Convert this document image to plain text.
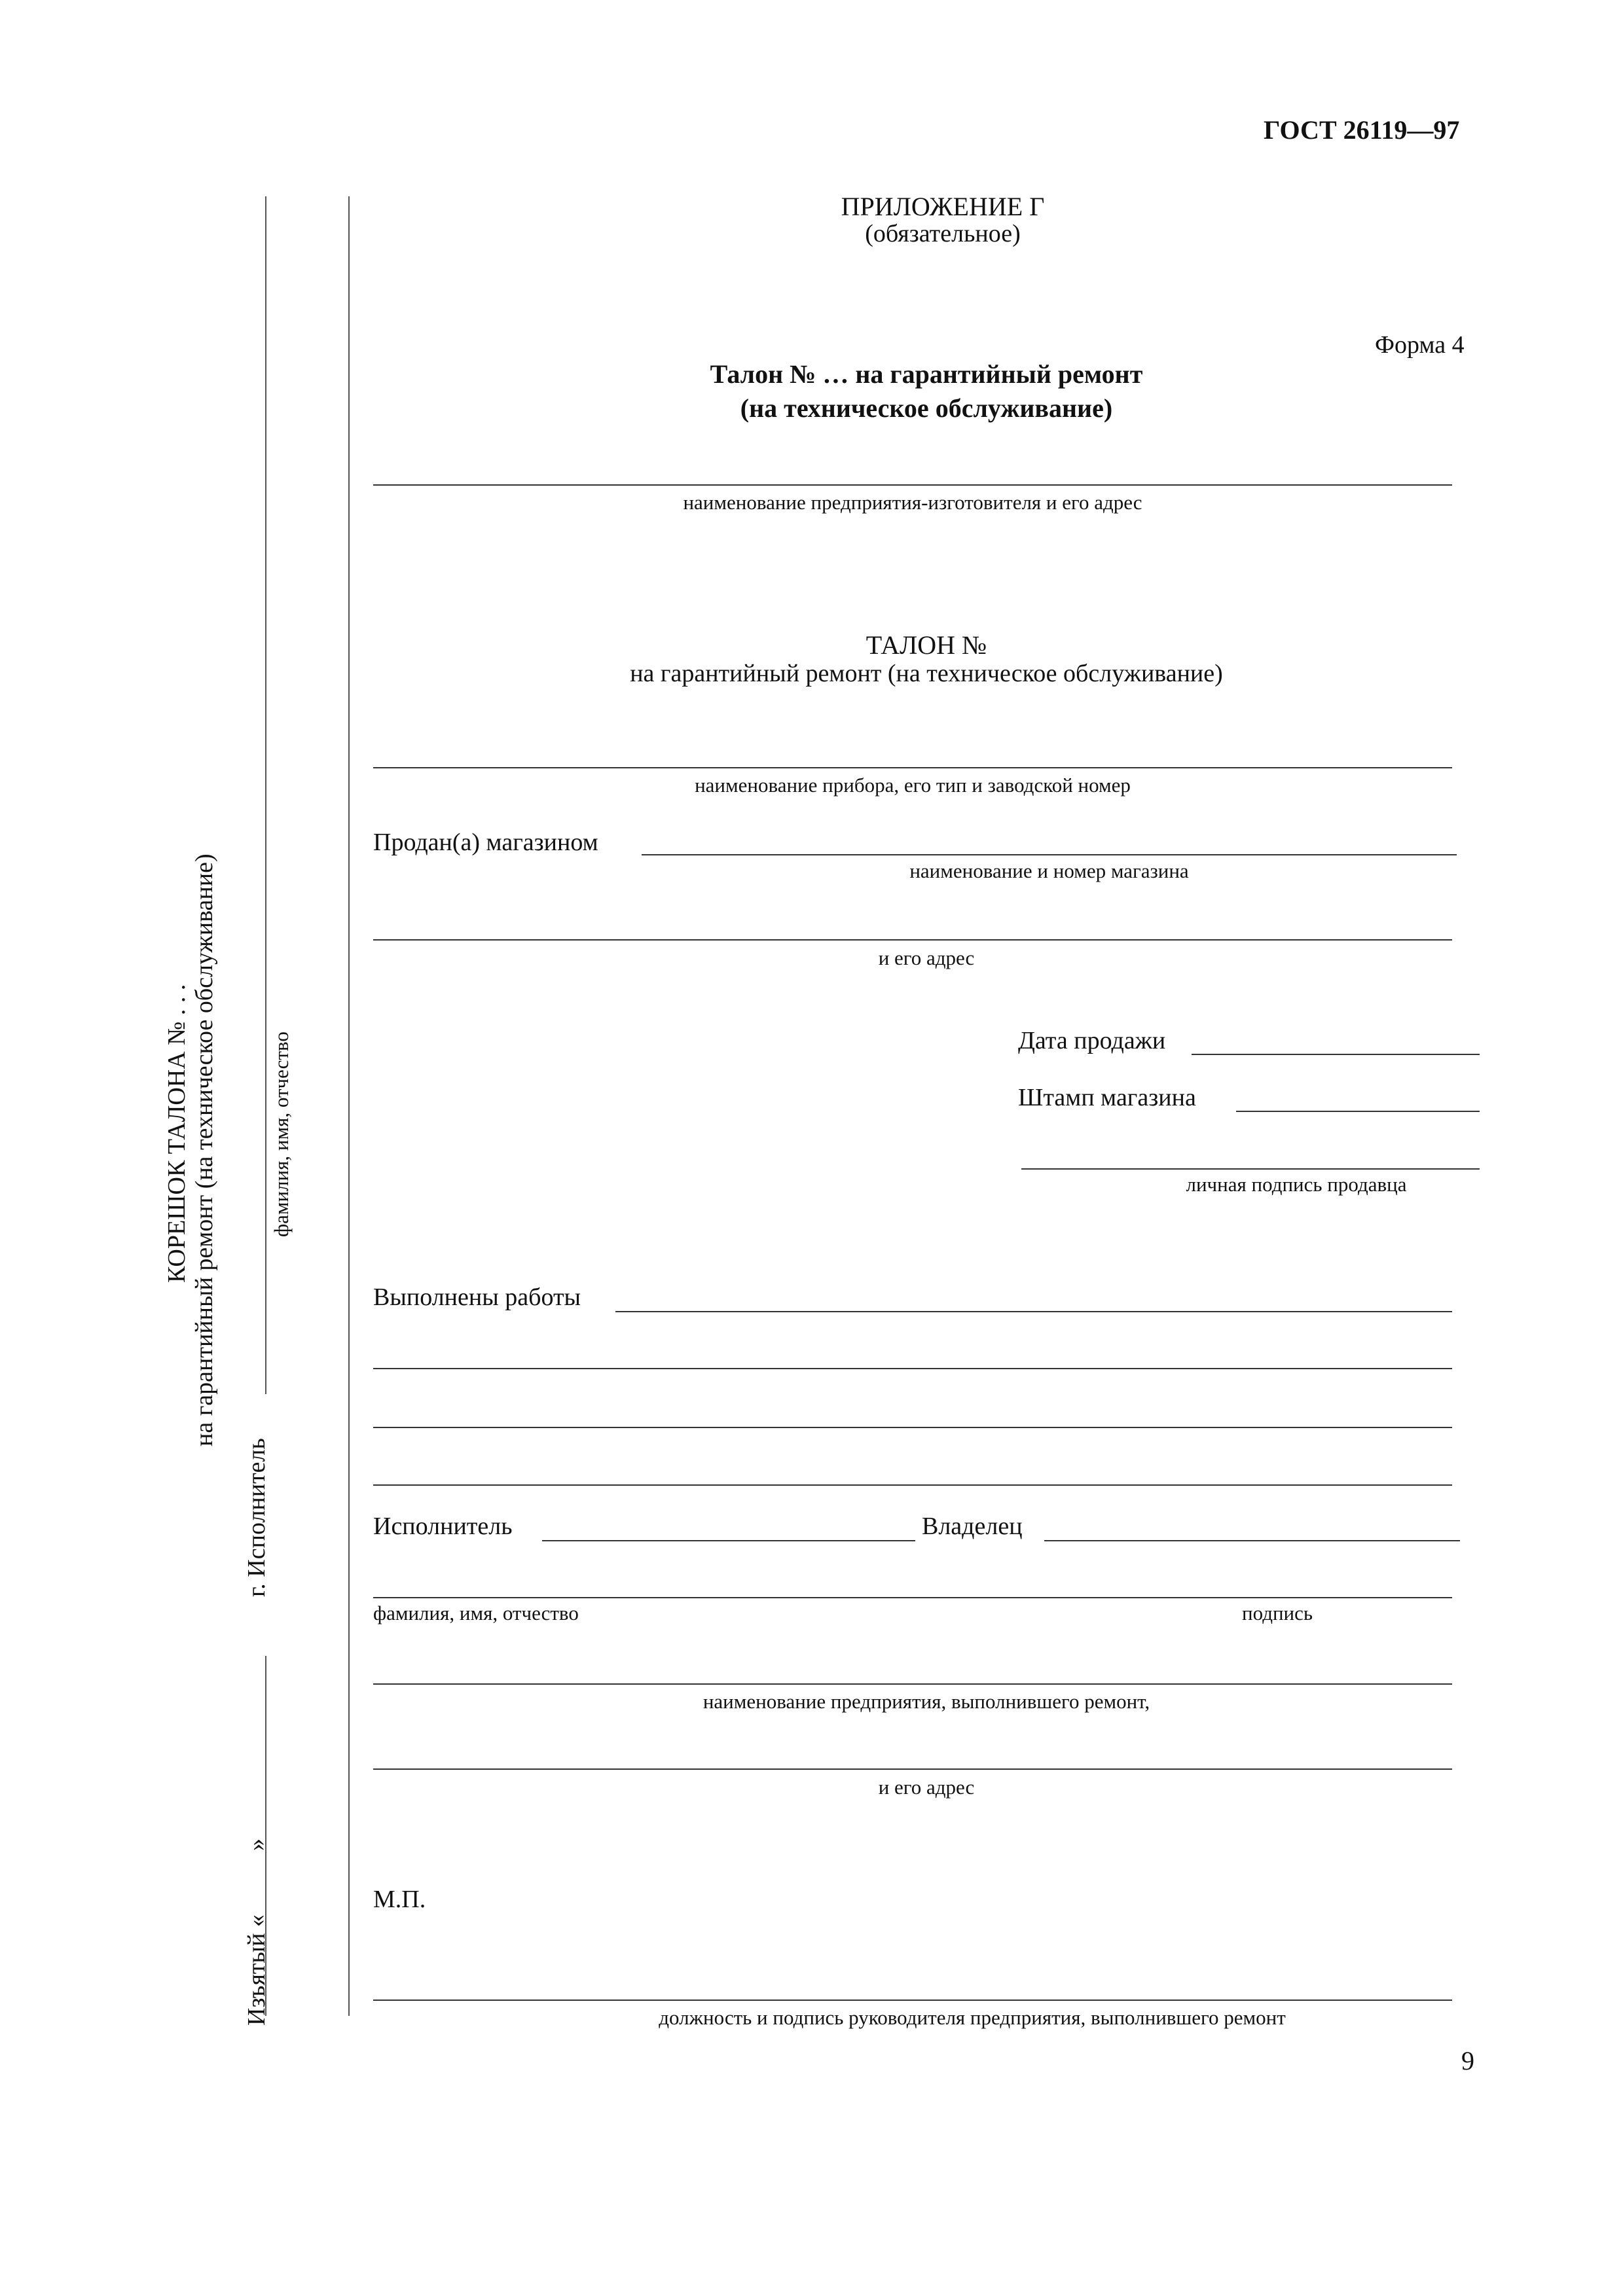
ГОСТ 26119—97
КОРЕШОК ТАЛОНА № . . . на гарантийный ремонт (на техническое обслуживание)	фамилия, имя, отчество
г. Исполнитель
Изъятый «
»
ПРИЛОЖЕНИЕ Г
(обязательное)
Форма 4
Талон № … на гарантийный ремонт
(на техническое обслуживание)
наименование предприятия-изготовителя и его адрес
ТАЛОН №
на гарантийный ремонт (на техническое обслуживание)
наименование прибора, его тип и заводской номер
Продан(а) магазином
наименование и номер магазина
и его адрес
Дата продажи
Штамп магазина
личная подпись продавца
Выполнены работы
Исполнитель	Владелец
фамилия, имя, отчество	подпись
наименование предприятия, выполнившего ремонт,
и его адрес
М.П.
должность и подпись руководителя предприятия, выполнившего ремонт
9
